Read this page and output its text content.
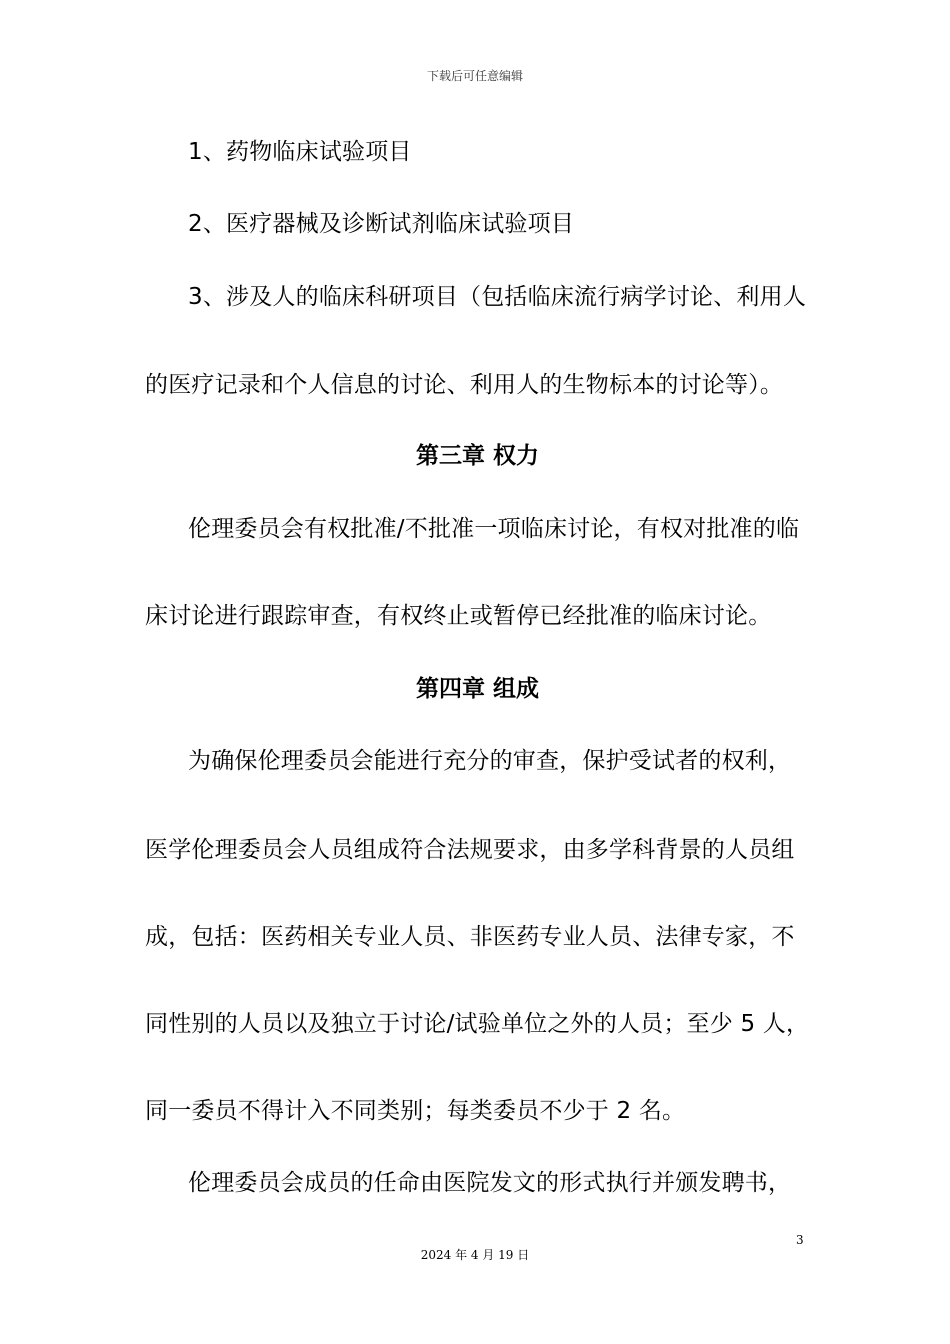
下载后可任意编辑
1、药物临床试验项目
2、医疗器械及诊断试剂临床试验项目
3、涉及人的临床科研项目（包括临床流行病学讨论、利用人
的医疗记录和个人信息的讨论、利用人的生物标本的讨论等）。
第三章 权力
伦理委员会有权批准/不批准一项临床讨论，有权对批准的临
床讨论进行跟踪审查，有权终止或暂停已经批准的临床讨论。
第四章 组成
为确保伦理委员会能进行充分的审查，保护受试者的权利，
医学伦理委员会人员组成符合法规要求，由多学科背景的人员组
成，包括：医药相关专业人员、非医药专业人员、法律专家，不
同性别的人员以及独立于讨论/试验单位之外的人员；至少 5 人，
同一委员不得计入不同类别；每类委员不少于 2 名。
伦理委员会成员的任命由医院发文的形式执行并颁发聘书，
3
2024 年 4 月 19 日
